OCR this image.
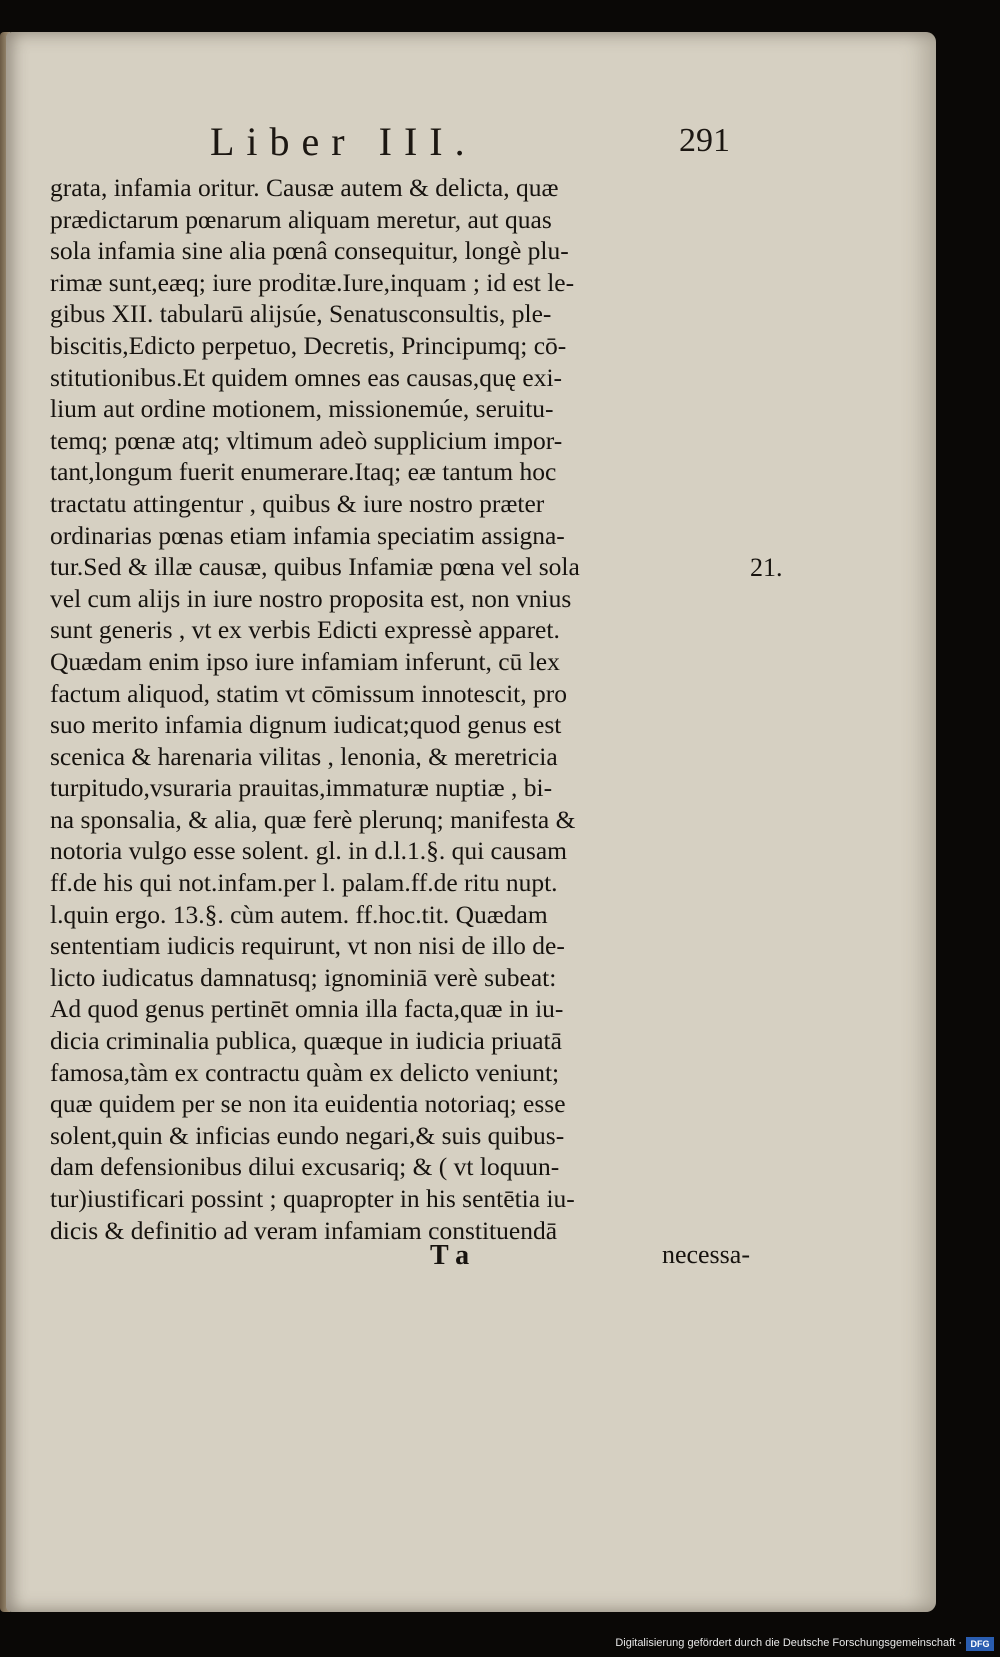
Liber III.	291
grata, infamia oritur. Causæ autem & delicta, quæ
prædictarum pœnarum aliquam meretur, aut quas
sola infamia sine alia pœnâ consequitur, longè plu-
rimæ sunt,eæq; iure proditæ.Iure,inquam ; id est le-
gibus XII. tabularū alijsúe, Senatusconsultis, ple-
biscitis,Edicto perpetuo, Decretis, Principumq; cō-
stitutionibus.Et quidem omnes eas causas,quę exi-
lium aut ordine motionem, missionemúe, seruitu-
temq; pœnæ atq; vltimum adeò supplicium impor-
tant,longum fuerit enumerare.Itaq; eæ tantum hoc
tractatu attingentur , quibus & iure nostro præter
ordinarias pœnas etiam infamia speciatim assigna-
tur.Sed & illæ causæ, quibus Infamiæ pœna vel sola
vel cum alijs in iure nostro proposita est, non vnius
sunt generis , vt ex verbis Edicti expressè apparet.
Quædam enim ipso iure infamiam inferunt, cū lex
factum aliquod, statim vt cōmissum innotescit, pro
suo merito infamia dignum iudicat;quod genus est
scenica & harenaria vilitas , lenonia, & meretricia
turpitudo,vsuraria prauitas,immaturæ nuptiæ , bi-
na sponsalia, & alia, quæ ferè plerunq; manifesta &
notoria vulgo esse solent. gl. in d.l.1.§. qui causam
ff.de his qui not.infam.per l. palam.ff.de ritu nupt.
l.quin ergo. 13.§. cùm autem. ff.hoc.tit. Quædam
sententiam iudicis requirunt, vt non nisi de illo de-
licto iudicatus damnatusq; ignominiā verè subeat:
Ad quod genus pertinēt omnia illa facta,quæ in iu-
dicia criminalia publica, quæque in iudicia priuatā
famosa,tàm ex contractu quàm ex delicto veniunt;
quæ quidem per se non ita euidentia notoriaq; esse
solent,quin & inficias eundo negari,& suis quibus-
dam defensionibus dilui excusariq; & ( vt loquun-
tur)iustificari possint ; quapropter in his sentētia iu-
dicis & definitio ad veram infamiam constituendā
21.
T a	necessa-
Digitalisierung gefördert durch die Deutsche Forschungsgemeinschaft · DFG
